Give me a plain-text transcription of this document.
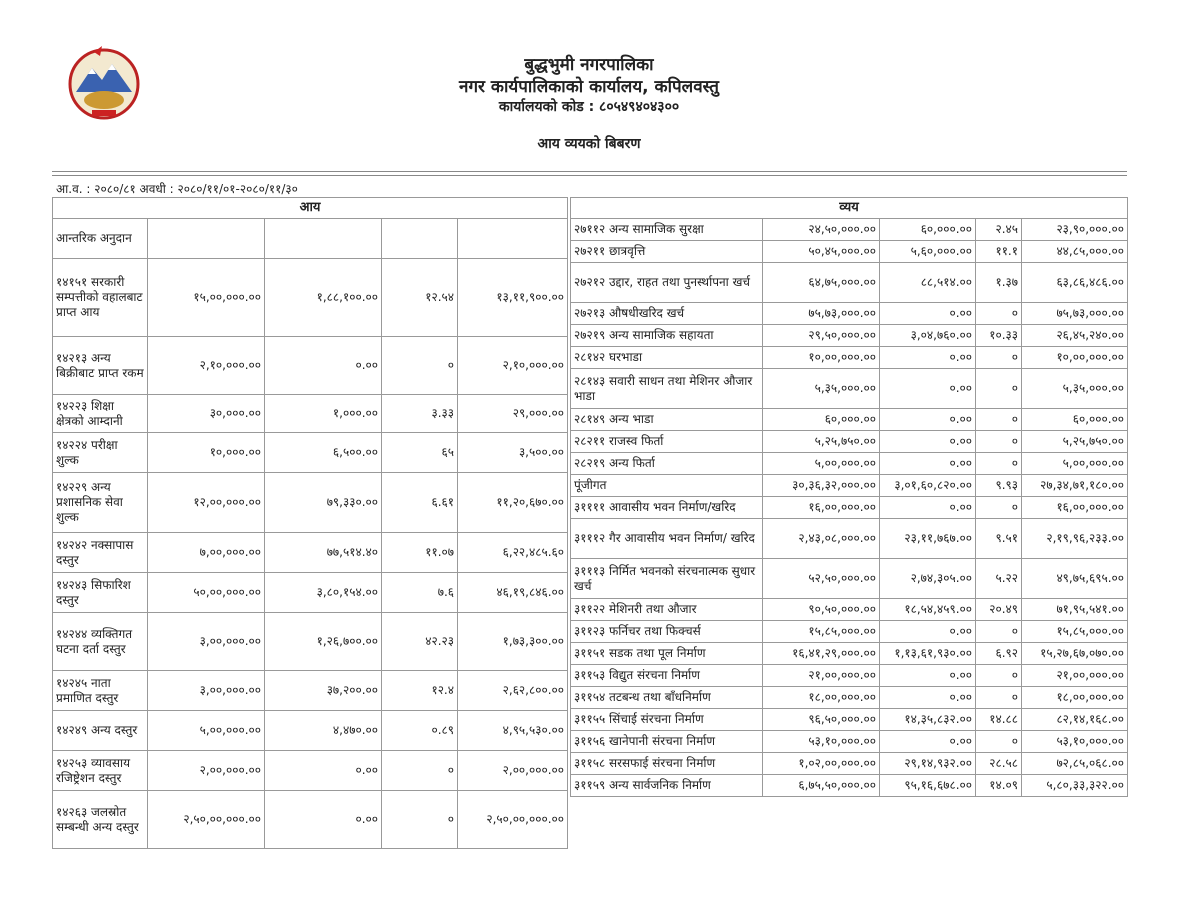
बुद्धभुमी नगरपालिका
नगर कार्यपालिकाको कार्यालय, कपिलवस्तु
कार्यालयको कोड : ८०५४९४०४३००
आय व्ययको बिबरण
आ.व. : २०८०/८१ अवधी : २०८०/११/०१-२०८०/११/३०
आय				
आन्तरिक अनुदान				
१४१५१ सरकारी सम्पत्तीको वहालबाट प्राप्त आय	१५,००,०००.००	१,८८,१००.००	१२.५४	१३,११,९००.००
१४२१३ अन्य बिक्रीबाट प्राप्त रकम	२,१०,०००.००	०.००	०	२,१०,०००.००
१४२२३ शिक्षा क्षेत्रको आम्दानी	३०,०००.००	१,०००.००	३.३३	२९,०००.००
१४२२४ परीक्षा शुल्क	१०,०००.००	६,५००.००	६५	३,५००.००
१४२२९ अन्य प्रशासनिक सेवा शुल्क	१२,००,०००.००	७९,३३०.००	६.६१	११,२०,६७०.००
१४२४२ नक्सापास दस्तुर	७,००,०००.००	७७,५१४.४०	११.०७	६,२२,४८५.६०
१४२४३ सिफारिश दस्तुर	५०,००,०००.००	३,८०,१५४.००	७.६	४६,१९,८४६.००
१४२४४ व्यक्तिगत घटना दर्ता दस्तुर	३,००,०००.००	१,२६,७००.००	४२.२३	१,७३,३००.००
१४२४५ नाता प्रमाणित दस्तुर	३,००,०००.००	३७,२००.००	१२.४	२,६२,८००.००
१४२४९ अन्य दस्तुर	५,००,०००.००	४,४७०.००	०.८९	४,९५,५३०.००
१४२५३ व्यावसाय रजिष्ट्रेशन दस्तुर	२,००,०००.००	०.००	०	२,००,०००.००
१४२६३ जलस्रोत सम्बन्धी अन्य दस्तुर	२,५०,००,०००.००	०.००	०	२,५०,००,०००.००
व्यय				
२७११२ अन्य सामाजिक सुरक्षा	२४,५०,०००.००	६०,०००.००	२.४५	२३,९०,०००.००
२७२११ छात्रवृत्ति	५०,४५,०००.००	५,६०,०००.००	११.१	४४,८५,०००.००
२७२१२ उद्दार, राहत तथा पुनर्स्थापना खर्च	६४,७५,०००.००	८८,५१४.००	१.३७	६३,८६,४८६.००
२७२१३ औषधीखरिद खर्च	७५,७३,०००.००	०.००	०	७५,७३,०००.००
२७२१९ अन्य सामाजिक सहायता	२९,५०,०००.००	३,०४,७६०.००	१०.३३	२६,४५,२४०.००
२८१४२ घरभाडा	१०,००,०००.००	०.००	०	१०,००,०००.००
२८१४३ सवारी साधन तथा मेशिनर औजार भाडा	५,३५,०००.००	०.००	०	५,३५,०००.००
२८१४९ अन्य भाडा	६०,०००.००	०.००	०	६०,०००.००
२८२११ राजस्व फिर्ता	५,२५,७५०.००	०.००	०	५,२५,७५०.००
२८२१९ अन्य फिर्ता	५,००,०००.००	०.००	०	५,००,०००.००
पूंजीगत	३०,३६,३२,०००.००	३,०१,६०,८२०.००	९.९३	२७,३४,७१,१८०.००
३११११ आवासीय भवन निर्माण/खरिद	१६,००,०००.००	०.००	०	१६,००,०००.००
३१११२ गैर आवासीय भवन निर्माण/ खरिद	२,४३,०८,०००.००	२३,११,७६७.००	९.५१	२,१९,९६,२३३.००
३१११३ निर्मित भवनको संरचनात्मक सुधार खर्च	५२,५०,०००.००	२,७४,३०५.००	५.२२	४९,७५,६९५.००
३११२२ मेशिनरी तथा औजार	९०,५०,०००.००	१८,५४,४५९.००	२०.४९	७१,९५,५४१.००
३११२३ फर्निचर तथा फिक्चर्स	१५,८५,०००.००	०.००	०	१५,८५,०००.००
३११५१ सडक तथा पूल निर्माण	१६,४१,२९,०००.००	१,१३,६१,९३०.००	६.९२	१५,२७,६७,०७०.००
३११५३ विद्युत संरचना निर्माण	२१,००,०००.००	०.००	०	२१,००,०००.००
३११५४ तटबन्ध तथा बाँधनिर्माण	१८,००,०००.००	०.००	०	१८,००,०००.००
३११५५ सिंचाई संरचना निर्माण	९६,५०,०००.००	१४,३५,८३२.००	१४.८८	८२,१४,१६८.००
३११५६ खानेपानी संरचना निर्माण	५३,१०,०००.००	०.००	०	५३,१०,०००.००
३११५८ सरसफाई संरचना निर्माण	१,०२,००,०००.००	२९,१४,९३२.००	२८.५८	७२,८५,०६८.००
३११५९ अन्य सार्वजनिक निर्माण	६,७५,५०,०००.००	९५,१६,६७८.००	१४.०९	५,८०,३३,३२२.००
